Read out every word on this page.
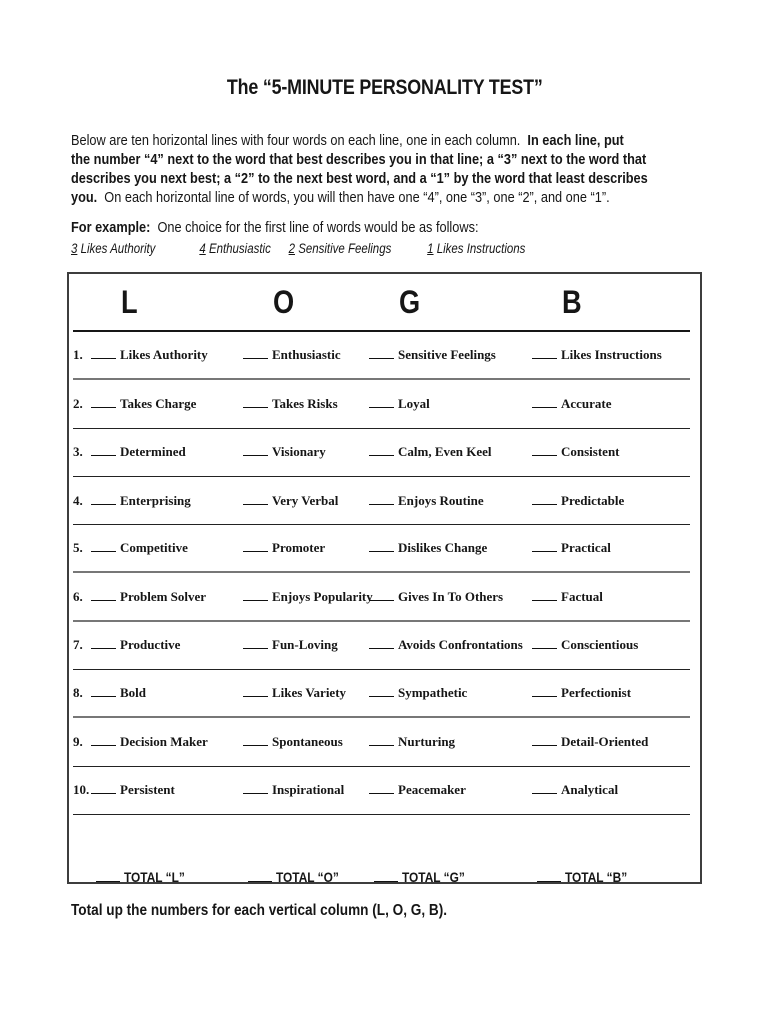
The “5-MINUTE PERSONALITY TEST”
Below are ten horizontal lines with four words on each line, one in each column.  In each line, put
the number “4” next to the word that best describes you in that line; a “3” next to the word that
describes you next best; a “2” to the next best word, and a “1” by the word that least describes
you.  On each horizontal line of words, you will then have one “4”, one “3”, one “2”, and one “1”.
For example:  One choice for the first line of words would be as follows:
3 Likes Authority	4 Enthusiastic 2 Sensitive Feelings	1 Likes Instructions
L	O	G	B
1.	Likes Authority	Enthusiastic	Sensitive Feelings	Likes Instructions
2.	Takes Charge	Takes Risks	Loyal	Accurate
3.	Determined	Visionary	Calm, Even Keel	Consistent
4.	Enterprising	Very Verbal	Enjoys Routine	Predictable
5.	Competitive	Promoter	Dislikes Change	Practical
6.	Problem Solver	Enjoys Popularity	Gives In To Others	Factual
7.	Productive	Fun-Loving	Avoids Confrontations	Conscientious
8.	Bold	Likes Variety	Sympathetic	Perfectionist
9.	Decision Maker	Spontaneous	Nurturing	Detail-Oriented
10.	Persistent	Inspirational	Peacemaker	Analytical
TOTAL “L”	TOTAL “O”	TOTAL “G”	TOTAL “B”
Total up the numbers for each vertical column (L, O, G, B).
